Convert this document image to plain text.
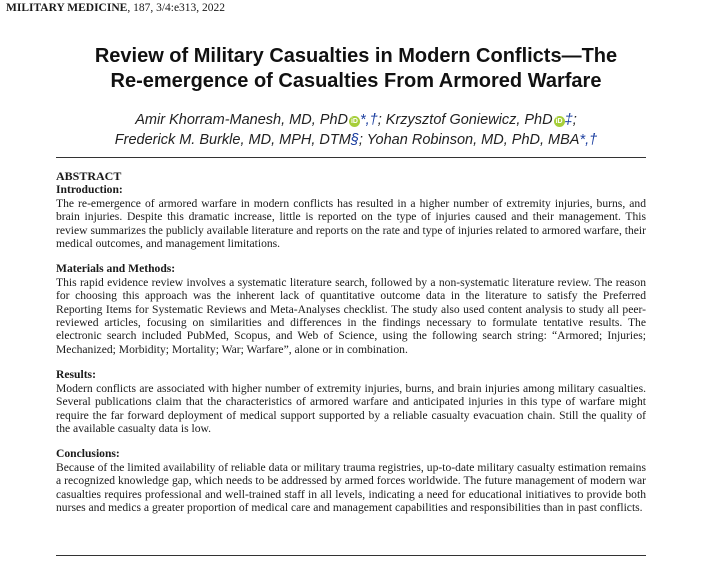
MILITARY MEDICINE, 187, 3/4:e313, 2022
Review of Military Casualties in Modern Conflicts—The
Re-emergence of Casualties From Armored Warfare
Amir Khorram-Manesh, MD, PhD iD *,†; Krzysztof Goniewicz, PhD iD ‡;
Frederick M. Burkle, MD, MPH, DTM§; Yohan Robinson, MD, PhD, MBA*,†
ABSTRACT
Introduction:

The re-emergence of armored warfare in modern conflicts has resulted in a higher number of extremity injuries, burns, and brain injuries. Despite this dramatic increase, little is reported on the type of injuries caused and their management. This review summarizes the publicly available literature and reports on the rate and type of injuries related to armored warfare, their medical outcomes, and management limitations.

Materials and Methods:

This rapid evidence review involves a systematic literature search, followed by a non-systematic literature review. The reason for choosing this approach was the inherent lack of quantitative outcome data in the literature to satisfy the Preferred Reporting Items for Systematic Reviews and Meta-Analyses checklist. The study also used content analysis to study all peer-reviewed articles, focusing on similarities and differences in the findings necessary to formulate tentative results. The electronic search included PubMed, Scopus, and Web of Science, using the following search string: “Armored; Injuries; Mechanized; Morbidity; Mortality; War; Warfare”, alone or in combination.

Results:

Modern conflicts are associated with higher number of extremity injuries, burns, and brain injuries among military casualties. Several publications claim that the characteristics of armored warfare and anticipated injuries in this type of warfare might require the far forward deployment of medical support supported by a reliable casualty evacuation chain. Still the quality of the available casualty data is low.

Conclusions:

Because of the limited availability of reliable data or military trauma registries, up-to-date military casualty estimation remains a recognized knowledge gap, which needs to be addressed by armed forces worldwide. The future management of modern war casualties requires professional and well-trained staff in all levels, indicating a need for educational initiatives to provide both nurses and medics a greater proportion of medical care and management capabilities and responsibilities than in past conflicts.
